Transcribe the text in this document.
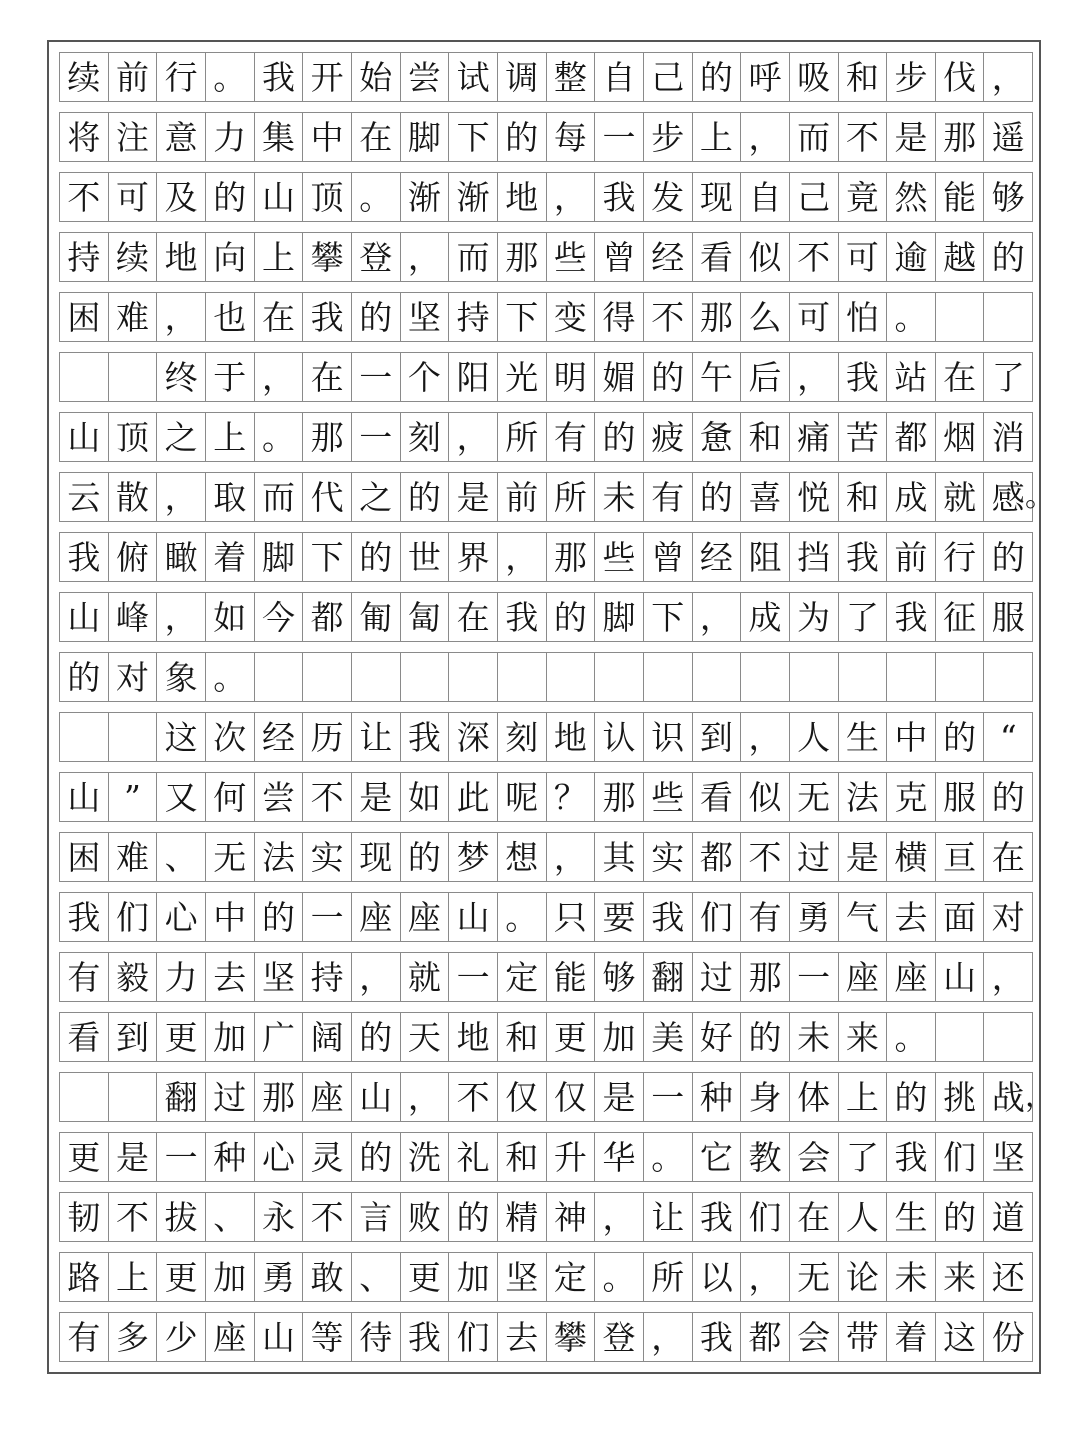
续 前 行 。 我 开 始 尝 试 调 整 自 己 的 呼 吸 和 步 伐 ，
将 注 意 力 集 中 在 脚 下 的 每 一 步 上 ， 而 不 是 那 遥
不 可 及 的 山 顶 。 渐 渐 地 ， 我 发 现 自 己 竟 然 能 够
持 续 地 向 上 攀 登 ， 而 那 些 曾 经 看 似 不 可 逾 越 的
困 难 ， 也 在 我 的 坚 持 下 变 得 不 那 么 可 怕 。
终 于 ， 在 一 个 阳 光 明 媚 的 午 后 ， 我 站 在 了
山 顶 之 上 。 那 一 刻 ， 所 有 的 疲 惫 和 痛 苦 都 烟 消
云 散 ， 取 而 代 之 的 是 前 所 未 有 的 喜 悦 和 成 就 感 。
我 俯 瞰 着 脚 下 的 世 界 ， 那 些 曾 经 阻 挡 我 前 行 的
山 峰 ， 如 今 都 匍 匐 在 我 的 脚 下 ， 成 为 了 我 征 服
的 对 象 。
这 次 经 历 让 我 深 刻 地 认 识 到 ， 人 生 中 的 “
山 ” 又 何 尝 不 是 如 此 呢 ？ 那 些 看 似 无 法 克 服 的
困 难 、 无 法 实 现 的 梦 想 ， 其 实 都 不 过 是 横 亘 在
我 们 心 中 的 一 座 座 山 。 只 要 我 们 有 勇 气 去 面 对
有 毅 力 去 坚 持 ， 就 一 定 能 够 翻 过 那 一 座 座 山 ，
看 到 更 加 广 阔 的 天 地 和 更 加 美 好 的 未 来 。
翻 过 那 座 山 ， 不 仅 仅 是 一 种 身 体 上 的 挑 战 ，
更 是 一 种 心 灵 的 洗 礼 和 升 华 。 它 教 会 了 我 们 坚
韧 不 拔 、 永 不 言 败 的 精 神 ， 让 我 们 在 人 生 的 道
路 上 更 加 勇 敢 、 更 加 坚 定 。 所 以 ， 无 论 未 来 还
有 多 少 座 山 等 待 我 们 去 攀 登 ， 我 都 会 带 着 这 份
